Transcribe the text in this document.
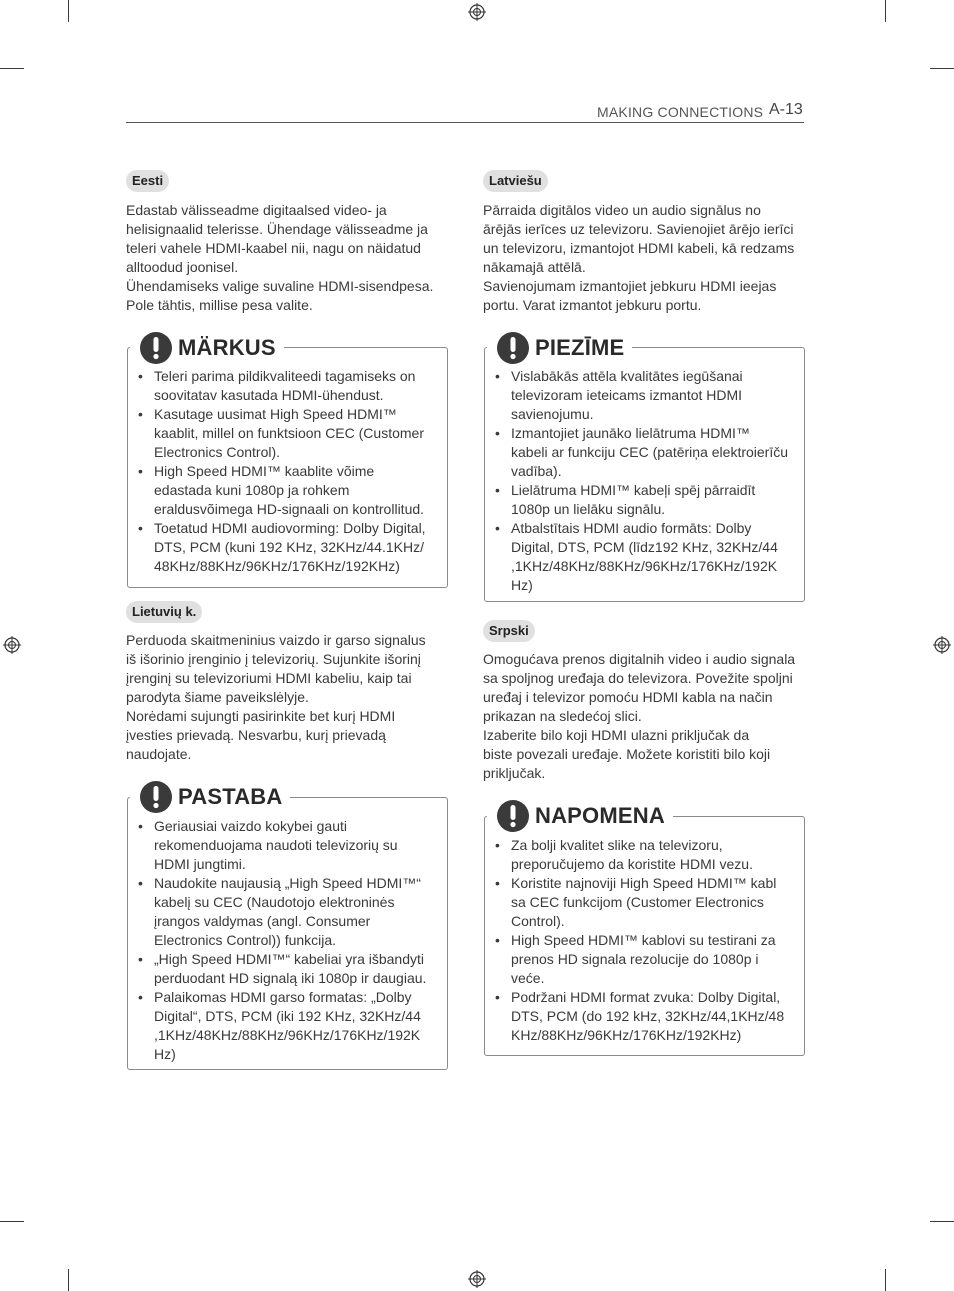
MAKING CONNECTIONS A-13
Eesti

Edastab välisseadme digitaalsed video- ja

helisignaalid telerisse. Ühendage välisseadme ja

teleri vahele HDMI-kaabel nii, nagu on näidatud

alltoodud joonisel.

Ühendamiseks valige suvaline HDMI-sisendpesa.

Pole tähtis, millise pesa valite.

MÄRKUS
• Teleri parima pildikvaliteedi tagamiseks on
soovitatav kasutada HDMI-ühendust.
• Kasutage uusimat High Speed HDMI™
kaablit, millel on funktsioon CEC (Customer
Electronics Control).
• High Speed HDMI™ kaablite võime
edastada kuni 1080p ja rohkem
eraldusvõimega HD-signaali on kontrollitud.
• Toetatud HDMI audiovorming: Dolby Digital,
DTS, PCM (kuni 192 KHz, 32KHz/44.1KHz/
48KHz/88KHz/96KHz/176KHz/192KHz)
Lietuvių k.

Perduoda skaitmeninius vaizdo ir garso signalus

iš išorinio įrenginio į televizorių. Sujunkite išorinį

įrenginį su televizoriumi HDMI kabeliu, kaip tai

parodyta šiame paveikslėlyje.

Norėdami sujungti pasirinkite bet kurį HDMI

įvesties prievadą. Nesvarbu, kurį prievadą

naudojate.

PASTABA
• Geriausiai vaizdo kokybei gauti
rekomenduojama naudoti televizorių su
HDMI jungtimi.
• Naudokite naujausią „High Speed HDMI™“
kabelį su CEC (Naudotojo elektroninės
įrangos valdymas (angl. Consumer
Electronics Control)) funkcija.
• „High Speed HDMI™“ kabeliai yra išbandyti
perduodant HD signalą iki 1080p ir daugiau.
• Palaikomas HDMI garso formatas: „Dolby
Digital“, DTS, PCM (iki 192 KHz, 32KHz/44
,1KHz/48KHz/88KHz/96KHz/176KHz/192K
Hz)
Latviešu

Pārraida digitālos video un audio signālus no

ārējās ierīces uz televizoru. Savienojiet ārējo ierīci

un televizoru, izmantojot HDMI kabeli, kā redzams

nākamajā attēlā.

Savienojumam izmantojiet jebkuru HDMI ieejas

portu. Varat izmantot jebkuru portu.

PIEZĪME
• Vislabākās attēla kvalitātes iegūšanai
televizoram ieteicams izmantot HDMI
savienojumu.
• Izmantojiet jaunāko lielātruma HDMI™
kabeli ar funkciju CEC (patēriņa elektroierīču
vadība).
• Lielātruma HDMI™ kabeļi spēj pārraidīt
1080p un lielāku signālu.
• Atbalstītais HDMI audio formāts: Dolby
Digital, DTS, PCM (līdz192 KHz, 32KHz/44
,1KHz/48KHz/88KHz/96KHz/176KHz/192K
Hz)
Srpski

Omogućava prenos digitalnih video i audio signala

sa spoljnog uređaja do televizora. Povežite spoljni

uređaj i televizor pomoću HDMI kabla na način

prikazan na sledećoj slici.

Izaberite bilo koji HDMI ulazni priključak da

biste povezali uređaje. Možete koristiti bilo koji

priključak.

NAPOMENA
• Za bolji kvalitet slike na televizoru,
preporučujemo da koristite HDMI vezu.
• Koristite najnoviji High Speed HDMI™ kabl
sa CEC funkcijom (Customer Electronics
Control).
• High Speed HDMI™ kablovi su testirani za
prenos HD signala rezolucije do 1080p i
veće.
• Podržani HDMI format zvuka: Dolby Digital,
DTS, PCM (do 192 kHz, 32KHz/44,1KHz/48
KHz/88KHz/96KHz/176KHz/192KHz)
